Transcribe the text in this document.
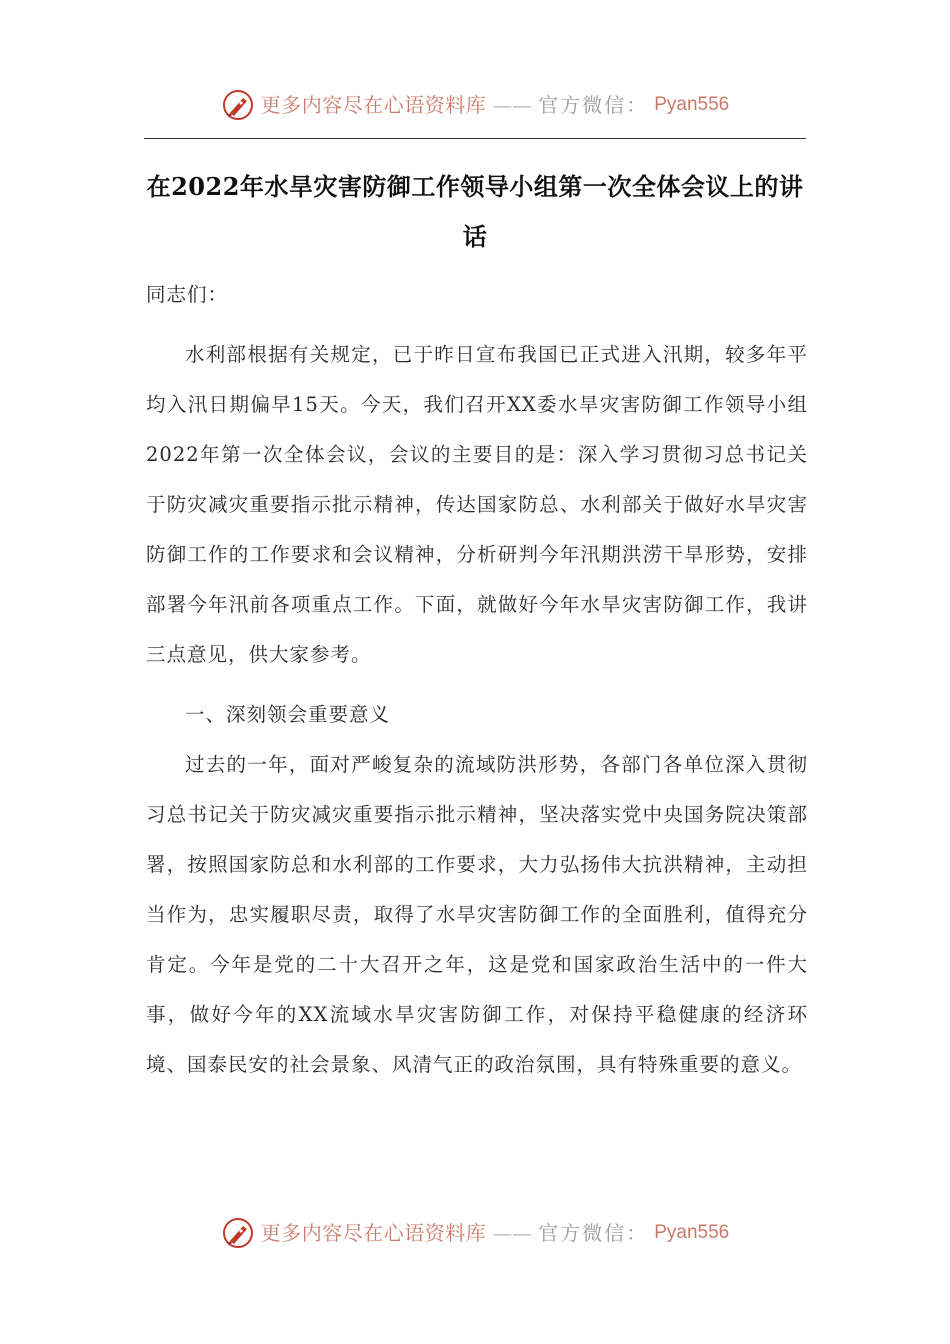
更多内容尽在心语资料库 —— 官方微信： Pyan556
在2022年水旱灾害防御工作领导小组第一次全体会议上的讲话

同志们：

水利部根据有关规定，已于昨日宣布我国已正式进入汛期，较多年平均入汛日期偏早15天。今天，我们召开XX委水旱灾害防御工作领导小组2022年第一次全体会议，会议的主要目的是：深入学习贯彻习总书记关于防灾减灾重要指示批示精神，传达国家防总、水利部关于做好水旱灾害防御工作的工作要求和会议精神，分析研判今年汛期洪涝干旱形势，安排部署今年汛前各项重点工作。下面，就做好今年水旱灾害防御工作，我讲三点意见，供大家参考。

一、深刻领会重要意义

过去的一年，面对严峻复杂的流域防洪形势，各部门各单位深入贯彻习总书记关于防灾减灾重要指示批示精神，坚决落实党中央国务院决策部署，按照国家防总和水利部的工作要求，大力弘扬伟大抗洪精神，主动担当作为，忠实履职尽责，取得了水旱灾害防御工作的全面胜利，值得充分肯定。今年是党的二十大召开之年，这是党和国家政治生活中的一件大事，做好今年的XX流域水旱灾害防御工作，对保持平稳健康的经济环境、国泰民安的社会景象、风清气正的政治氛围，具有特殊重要的意义。

更多内容尽在心语资料库 —— 官方微信： Pyan556
